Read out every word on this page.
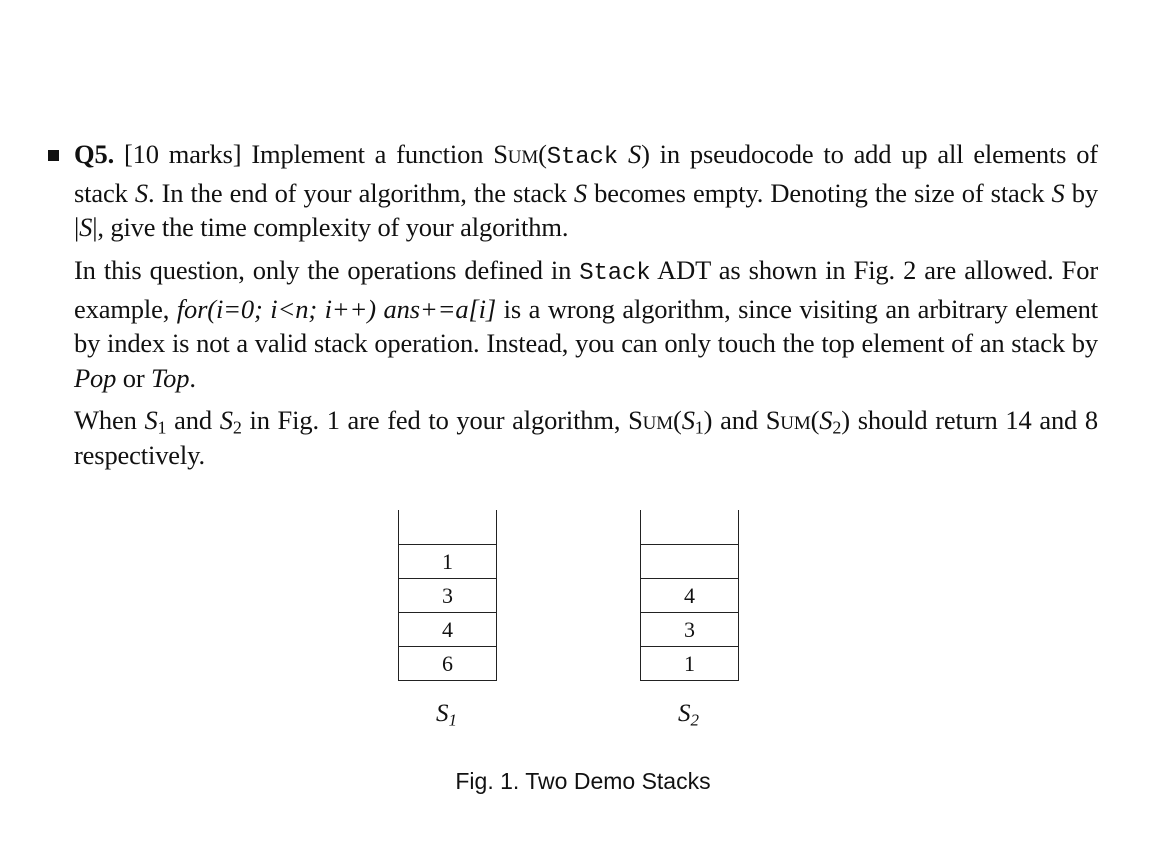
Q5. [10 marks] Implement a function Sum(Stack S) in pseudocode to add up all elements of stack S. In the end of your algorithm, the stack S becomes empty. Denoting the size of stack S by |S|, give the time complexity of your algorithm.
In this question, only the operations defined in Stack ADT as shown in Fig. 2 are allowed. For example, for(i=0; i<n; i++) ans+=a[i] is a wrong algorithm, since visiting an arbitrary element by index is not a valid stack operation. Instead, you can only touch the top element of an stack by Pop or Top.
When $S_1$ and $S_2$ in Fig. 1 are fed to your algorithm, $Sum(S_1)$ and $Sum(S_2)$ should return 14 and 8 respectively.
1
3
4
6
4
3
1
$S_1$	$S_2$
Fig. 1. Two Demo Stacks
